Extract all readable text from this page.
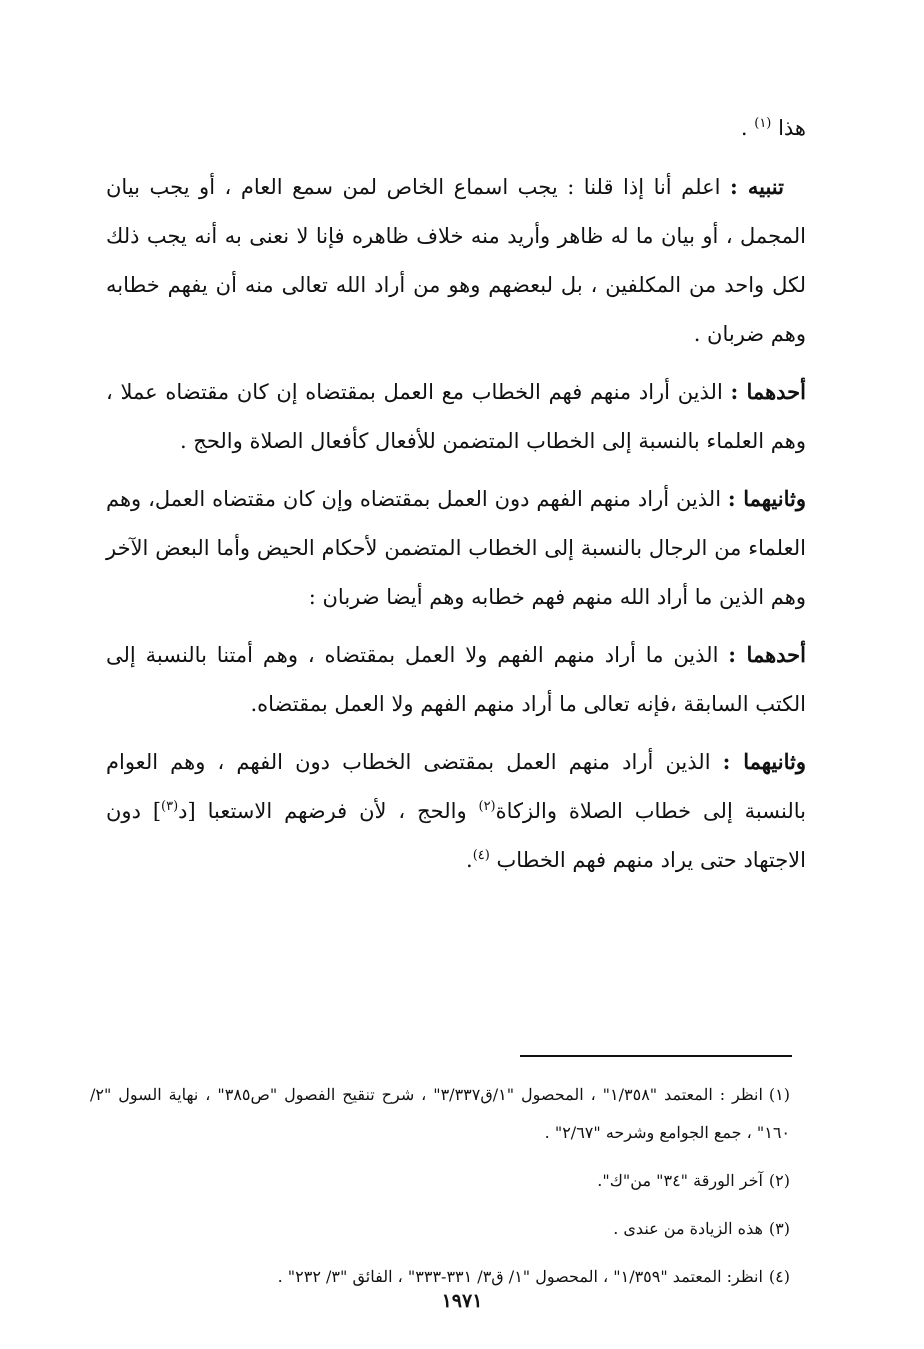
هذا $^{(١)}$ .

تنبيه : اعلم أنا إذا قلنا : يجب اسماع الخاص لمن سمع العام ، أو يجب بيان المجمل ، أو بيان ما له ظاهر وأريد منه خلاف ظاهره فإنا لا نعنى به أنه يجب ذلك لكل واحد من المكلفين ، بل لبعضهم وهو من أراد الله تعالى منه أن يفهم خطابه وهم ضربان .

أحدهما : الذين أراد منهم فهم الخطاب مع العمل بمقتضاه إن كان مقتضاه عملا ، وهم العلماء بالنسبة إلى الخطاب المتضمن للأفعال كأفعال الصلاة والحج .

وثانيهما : الذين أراد منهم الفهم دون العمل بمقتضاه وإن كان مقتضاه العمل، وهم العلماء من الرجال بالنسبة إلى الخطاب المتضمن لأحكام الحيض وأما البعض الآخر وهم الذين ما أراد الله منهم فهم خطابه وهم أيضا ضربان :

أحدهما : الذين ما أراد منهم الفهم ولا العمل بمقتضاه ، وهم أمتنا بالنسبة إلى الكتب السابقة ،فإنه تعالى ما أراد منهم الفهم ولا العمل بمقتضاه.

وثانيهما : الذين أراد منهم العمل بمقتضى الخطاب دون الفهم ، وهم العوام بالنسبة إلى خطاب الصلاة والزكاة$^{(٢)}$ والحج ، لأن فرضهم الاستعبا [د$^{(٣)}$] دون الاجتهاد حتى يراد منهم فهم الخطاب $^{(٤)}$.

(١)انظر : المعتمد "١/٣٥٨" ، المحصول "١/ق٣/٣٣٧" ، شرح تنقيح الفصول "ص٣٨٥" ، نهاية السول "٢/ ١٦٠" ، جمع الجوامع وشرحه "٢/٦٧" .

(٢)آخر الورقة "٣٤" من"ك".

(٣)هذه الزيادة من عندى .

(٤)انظر: المعتمد "١/٣٥٩" ، المحصول "١/ ق٣/ ٣٣١-٣٣٣" ، الفائق "٣/ ٢٣٢" .

١٩٧١
